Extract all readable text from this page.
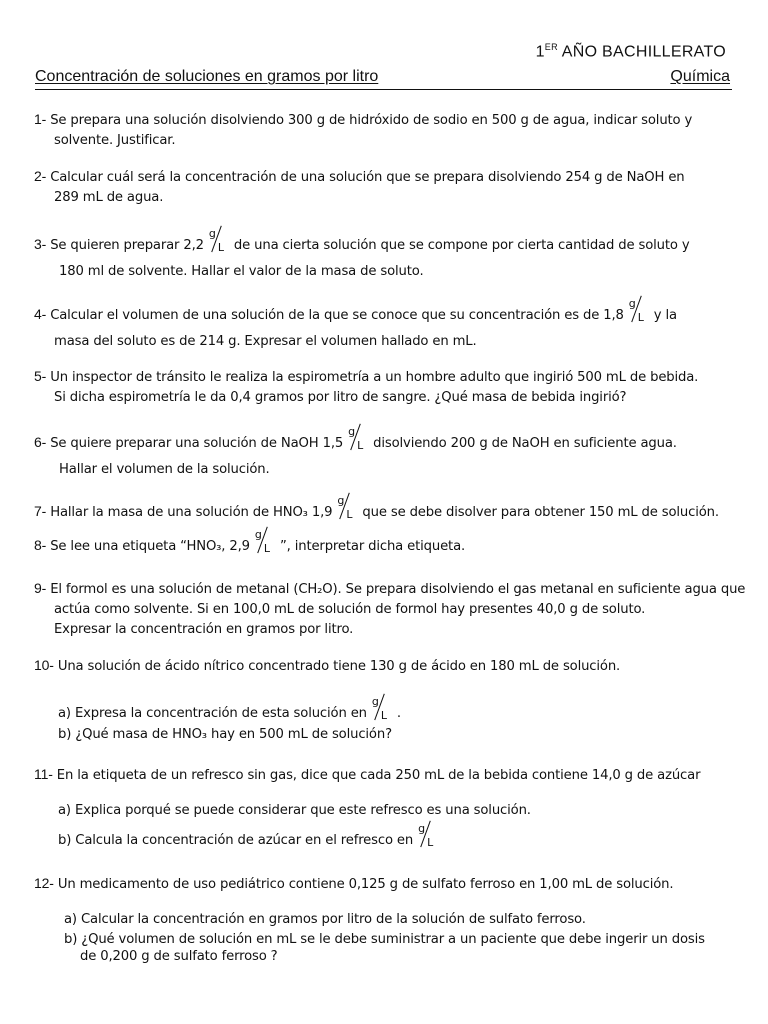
1ER AÑO BACHILLERATO
Concentración de soluciones en gramos por litro	Química
1- Se prepara una solución disolviendo 300 g de hidróxido de sodio en 500 g de agua, indicar soluto y
solvente. Justificar.
2- Calcular cuál será la concentración de una solución que se prepara disolviendo 254 g de NaOH en
289 mL de agua.
3- Se quieren preparar 2,2
g
L de una cierta solución que se compone por cierta cantidad de soluto y
180 ml de solvente. Hallar el valor de la masa de soluto.
4- Calcular el volumen de una solución de la que se conoce que su concentración es de 1,8
g
L y la
masa del soluto es de 214 g. Expresar el volumen hallado en mL.
5- Un inspector de tránsito le realiza la espirometría a un hombre adulto que ingirió 500 mL de bebida.
Si dicha espirometría le da 0,4 gramos por litro de sangre. ¿Qué masa de bebida ingirió?
6- Se quiere preparar una solución de NaOH 1,5
g
L disolviendo 200 g de NaOH en suficiente agua.
Hallar el volumen de la solución.
7- Hallar la masa de una solución de HNO₃ 1,9
g
L que se debe disolver para obtener 150 mL de solución.
8- Se lee una etiqueta “HNO₃, 2,9
g
L ”, interpretar dicha etiqueta.
9- El formol es una solución de metanal (CH₂O). Se prepara disolviendo el gas metanal en suficiente agua que
actúa como solvente. Si en 100,0 mL de solución de formol hay presentes 40,0 g de soluto.
Expresar la concentración en gramos por litro.
10- Una solución de ácido nítrico concentrado tiene 130 g de ácido en 180 mL de solución.
a) Expresa la concentración de esta solución en
g
L .
b) ¿Qué masa de HNO₃ hay en 500 mL de solución?
11- En la etiqueta de un refresco sin gas, dice que cada 250 mL de la bebida contiene 14,0 g de azúcar
a) Explica porqué se puede considerar que este refresco es una solución.
b) Calcula la concentración de azúcar en el refresco en
g
L
12- Un medicamento de uso pediátrico contiene 0,125 g de sulfato ferroso en 1,00 mL de solución.
a) Calcular la concentración en gramos por litro de la solución de sulfato ferroso.
b) ¿Qué volumen de solución en mL se le debe suministrar a un paciente que debe ingerir un dosis
de 0,200 g de sulfato ferroso ?
